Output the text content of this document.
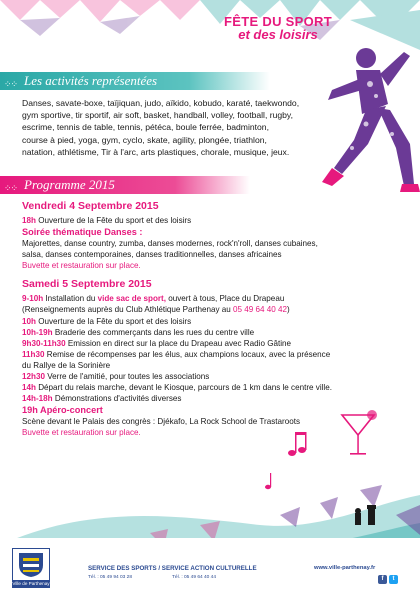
FÊTE DU SPORT
et des loisirs
⁘⁘ Les activités représentées
Danses, savate-boxe, taïjiquan, judo, aïkido, kobudo, karaté, taekwondo,
gym sportive, tir sportif, air soft, basket, handball, volley, football, rugby,
escrime, tennis de table, tennis, pétéca, boule ferrée, badminton,
course à pied, yoga, gym, cyclo, skate, agility, plongée, triathlon,
natation, athlétisme, Tir à l'arc, arts plastiques, chorale, musique, jeux.
⁘⁘ Programme 2015
Vendredi 4 Septembre 2015
18h Ouverture de la Fête du sport et des loisirs
Soirée thématique Danses :
Majorettes, danse country, zumba, danses modernes, rock'n'roll, danses cubaines,
salsa, danses contemporaines, danses traditionnelles, danses africaines
Buvette et restauration sur place.
Samedi 5 Septembre 2015
9-10h Installation du vide sac de sport, ouvert à tous, Place du Drapeau
(Renseignements auprès du Club Athlétique Parthenay au 05 49 64 40 42)
10h Ouverture de la Fête du sport et des loisirs
10h-19h Braderie des commerçants dans les rues du centre ville
9h30-11h30 Emission en direct sur la place du Drapeau avec Radio Gâtine
11h30 Remise de récompenses par les élus, aux champions locaux, avec la présence
du Rallye de la Sorinière
12h30 Verre de l'amitié, pour toutes les associations
14h Départ du relais marche, devant le Kiosque, parcours de 1 km dans le centre ville.
14h-18h Démonstrations d'activités diverses
19h Apéro-concert
Scène devant le Palais des congrès : Djékafo, La Rock School de Trastaroots
Buvette et restauration sur place.
Ville de Parthenay
SERVICE DES SPORTS / SERVICE ACTION CULTURELLE
Tél. : 05 49 94 03 28	Tél. : 05 49 64 40 44
www.ville-parthenay.fr
f	t
